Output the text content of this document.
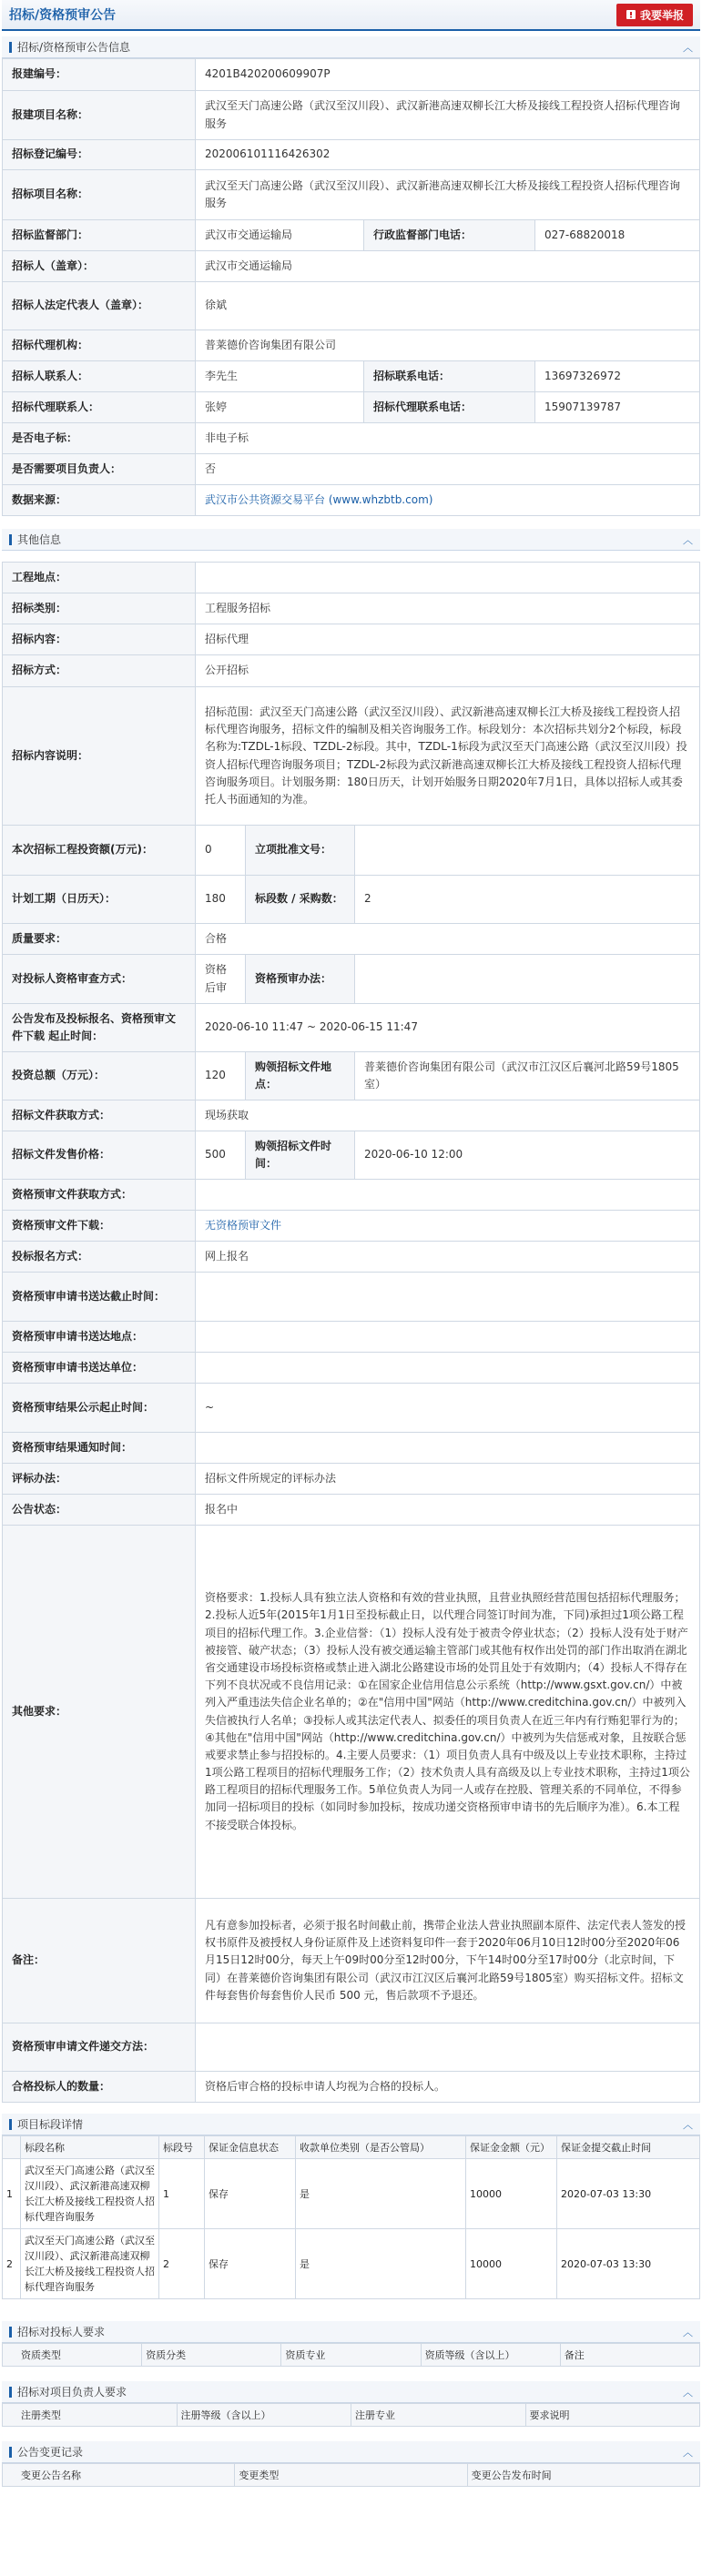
招标/资格预审公告	我要举报
招标/资格预审公告信息	︿
报建编号：	4201B420200609907P		
报建项目名称：	武汉至天门高速公路（武汉至汉川段）、武汉新港高速双柳长江大桥及接线工程投资人招标代理咨询服务		
招标登记编号：	202006101116426302		
招标项目名称：	武汉至天门高速公路（武汉至汉川段）、武汉新港高速双柳长江大桥及接线工程投资人招标代理咨询服务		
招标监督部门：	武汉市交通运输局	行政监督部门电话：	027-68820018
招标人（盖章）：	武汉市交通运输局		
招标人法定代表人（盖章）：	徐斌		
招标代理机构：	普莱德价咨询集团有限公司		
招标人联系人：	李先生	招标联系电话：	13697326972
招标代理联系人：	张婷	招标代理联系电话：	15907139787
是否电子标：	非电子标		
是否需要项目负责人：	否		
数据来源：	武汉市公共资源交易平台 (www.whzbtb.com)		
其他信息	︿
工程地点：			
招标类别：	工程服务招标		
招标内容：	招标代理		
招标方式：	公开招标		
招标内容说明：	招标范围：武汉至天门高速公路（武汉至汉川段）、武汉新港高速双柳长江大桥及接线工程投资人招标代理咨询服务，招标文件的编制及相关咨询服务工作。标段划分：本次招标共划分2个标段，标段名称为:TZDL-1标段、TZDL-2标段。其中，TZDL-1标段为武汉至天门高速公路（武汉至汉川段）投资人招标代理咨询服务项目；TZDL-2标段为武汉新港高速双柳长江大桥及接线工程投资人招标代理咨询服务项目。计划服务期：180日历天，计划开始服务日期2020年7月1日，具体以招标人或其委托人书面通知的为准。		
本次招标工程投资额(万元)：	0	立项批准文号：	
计划工期（日历天）：	180	标段数 / 采购数：	2
质量要求：	合格		
对投标人资格审查方式：	资格后审	资格预审办法：	
公告发布及投标报名、资格预审文件下载 起止时间：	2020-06-10 11:47 ~ 2020-06-15 11:47		
投资总额（万元）：	120	购领招标文件地点：	普莱德价咨询集团有限公司（武汉市江汉区后襄河北路59号1805室）
招标文件获取方式：	现场获取		
招标文件发售价格：	500	购领招标文件时间：	2020-06-10 12:00
资格预审文件获取方式：			
资格预审文件下载：	无资格预审文件		
投标报名方式：	网上报名		
资格预审申请书送达截止时间：			
资格预审申请书送达地点：			
资格预审申请书送达单位：			
资格预审结果公示起止时间：	~		
资格预审结果通知时间：			
评标办法：	招标文件所规定的评标办法		
公告状态：	报名中		
其他要求：	资格要求：1.投标人具有独立法人资格和有效的营业执照，且营业执照经营范围包括招标代理服务；2.投标人近5年(2015年1月1日至投标截止日，以代理合同签订时间为准，下同)承担过1项公路工程项目的招标代理工作。3.企业信誉：（1）投标人没有处于被责令停业状态；（2）投标人没有处于财产被接管、破产状态；（3）投标人没有被交通运输主管部门或其他有权作出处罚的部门作出取消在湖北省交通建设市场投标资格或禁止进入湖北公路建设市场的处罚且处于有效期内；（4）投标人不得存在下列不良状况或不良信用记录：①在国家企业信用信息公示系统（http://www.gsxt.gov.cn/）中被列入严重违法失信企业名单的；②在"信用中国"网站（http://www.creditchina.gov.cn/）中被列入失信被执行人名单；③投标人或其法定代表人、拟委任的项目负责人在近三年内有行贿犯罪行为的；④其他在"信用中国"网站（http://www.creditchina.gov.cn/）中被列为失信惩戒对象，且按联合惩戒要求禁止参与招投标的。4.主要人员要求：（1）项目负责人具有中级及以上专业技术职称，主持过1项公路工程项目的招标代理服务工作；（2）技术负责人具有高级及以上专业技术职称，主持过1项公路工程项目的招标代理服务工作。5单位负责人为同一人或存在控股、管理关系的不同单位，不得参加同一招标项目的投标（如同时参加投标，按成功递交资格预审申请书的先后顺序为准）。6.本工程不接受联合体投标。		
备注：	凡有意参加投标者，必须于报名时间截止前，携带企业法人营业执照副本原件、法定代表人签发的授权书原件及被授权人身份证原件及上述资料复印件一套于2020年06月10日12时00分至2020年06月15日12时00分，每天上午09时00分至12时00分，下午14时00分至17时00分（北京时间，下同）在普莱德价咨询集团有限公司（武汉市江汉区后襄河北路59号1805室）购买招标文件。招标文件每套售价每套售价人民币 500 元，售后款项不予退还。		
资格预审申请文件递交方法：			
合格投标人的数量：	资格后审合格的投标申请人均视为合格的投标人。		
项目标段详情	︿
	标段名称	标段号	保证金信息状态	收款单位类别（是否公管局）	保证金金额（元）	保证金提交截止时间
1	武汉至天门高速公路（武汉至汉川段）、武汉新港高速双柳长江大桥及接线工程投资人招标代理咨询服务	1	保存	是	10000	2020-07-03 13:30
2	武汉至天门高速公路（武汉至汉川段）、武汉新港高速双柳长江大桥及接线工程投资人招标代理咨询服务	2	保存	是	10000	2020-07-03 13:30
招标对投标人要求	︿
资质类型	资质分类	资质专业	资质等级（含以上）	备注
招标对项目负责人要求	︿
注册类型	注册等级（含以上）	注册专业	要求说明
公告变更记录	︿
变更公告名称	变更类型	变更公告发布时间
